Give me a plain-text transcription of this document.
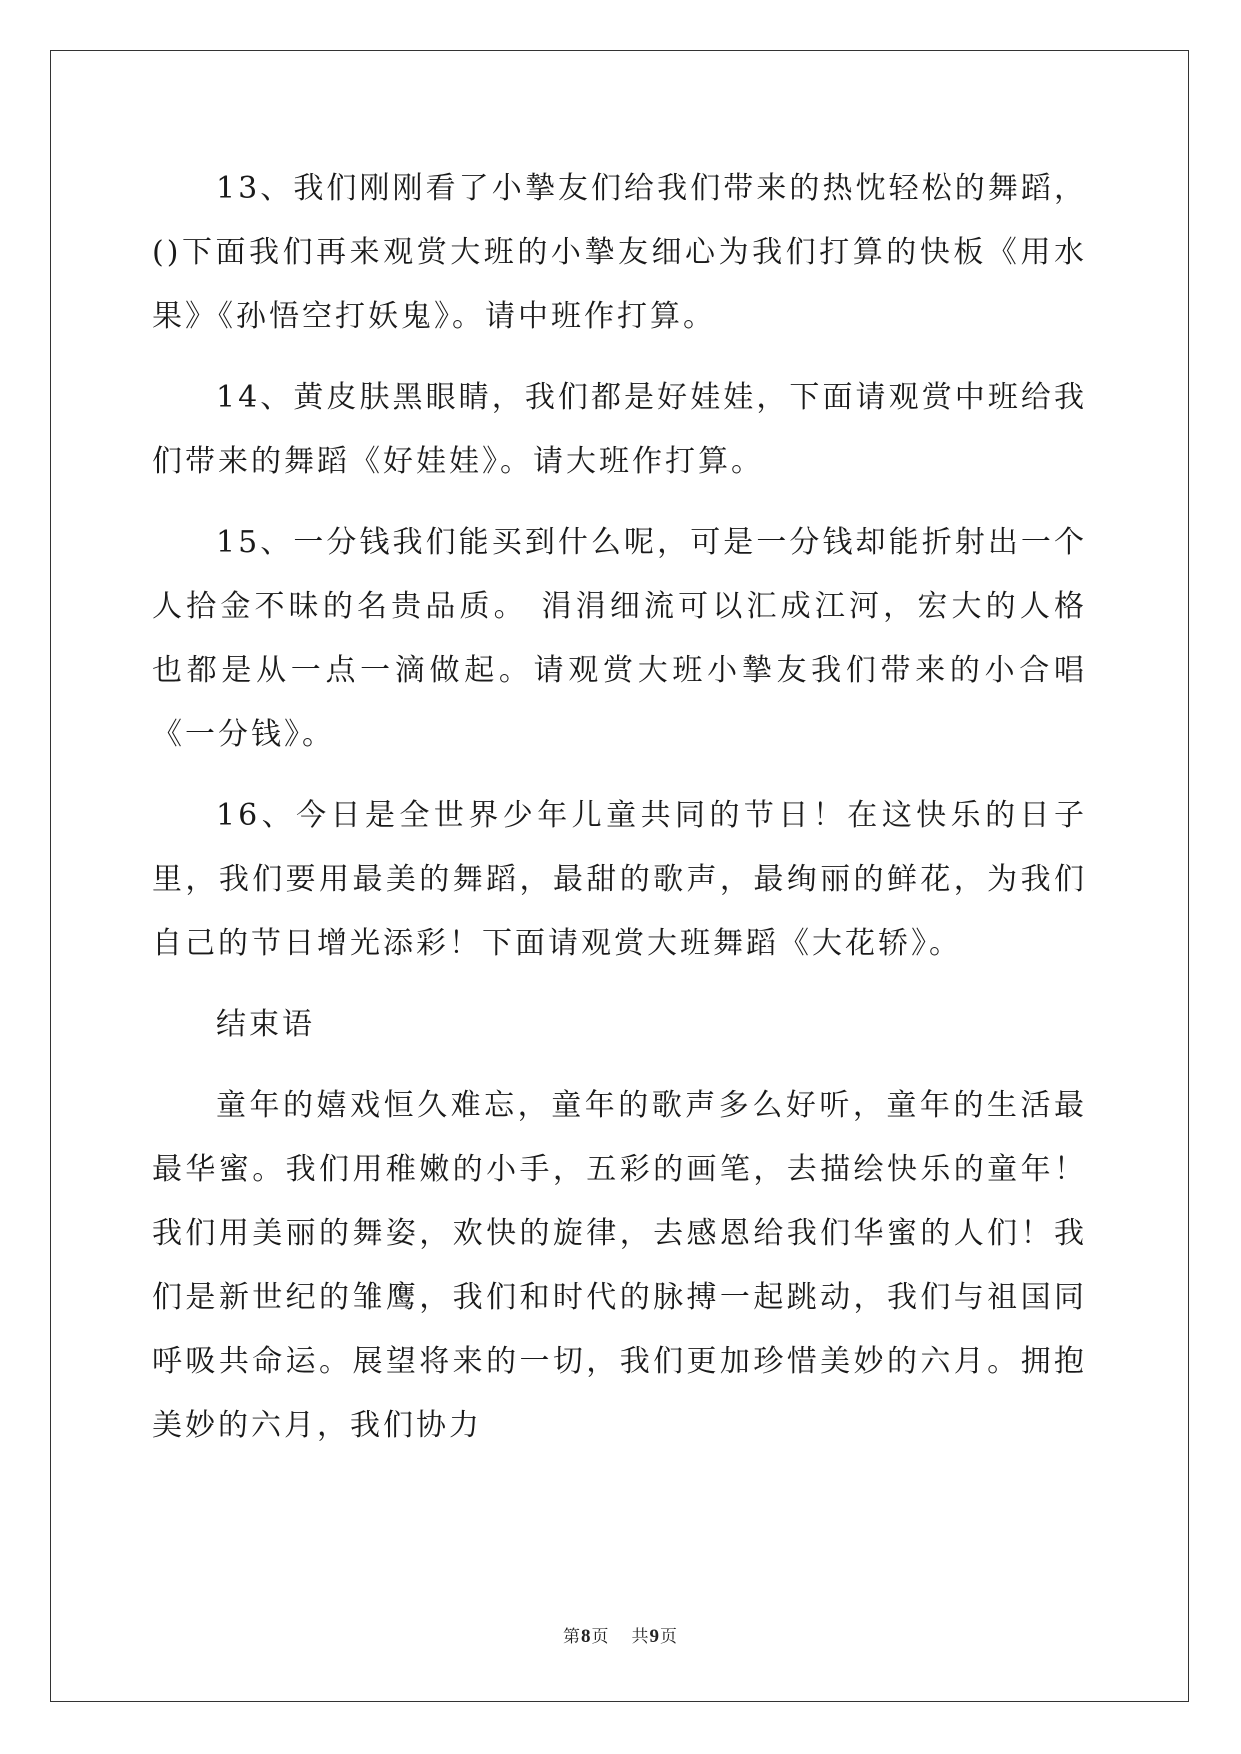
13、我们刚刚看了小摯友们给我们带来的热忱轻松的舞蹈，()下面我们再来观赏大班的小摯友细心为我们打算的快板《用水果》《孙悟空打妖鬼》。请中班作打算。

14、黄皮肤黑眼睛，我们都是好娃娃，下面请观赏中班给我们带来的舞蹈《好娃娃》。请大班作打算。

15、一分钱我们能买到什么呢，可是一分钱却能折射出一个人拾金不昧的名贵品质。 涓涓细流可以汇成江河，宏大的人格也都是从一点一滴做起。请观赏大班小摯友我们带来的小合唱《一分钱》。

16、今日是全世界少年儿童共同的节日！在这快乐的日子里，我们要用最美的舞蹈，最甜的歌声，最绚丽的鲜花，为我们自己的节日增光添彩！下面请观赏大班舞蹈《大花轿》。

结束语

童年的嬉戏恒久难忘，童年的歌声多么好听，童年的生活最最华蜜。我们用稚嫩的小手，五彩的画笔，去描绘快乐的童年！我们用美丽的舞姿，欢快的旋律，去感恩给我们华蜜的人们！我们是新世纪的雏鹰，我们和时代的脉搏一起跳动，我们与祖国同呼吸共命运。展望将来的一切，我们更加珍惜美妙的六月。拥抱美妙的六月，我们协力

第8页 共9页
